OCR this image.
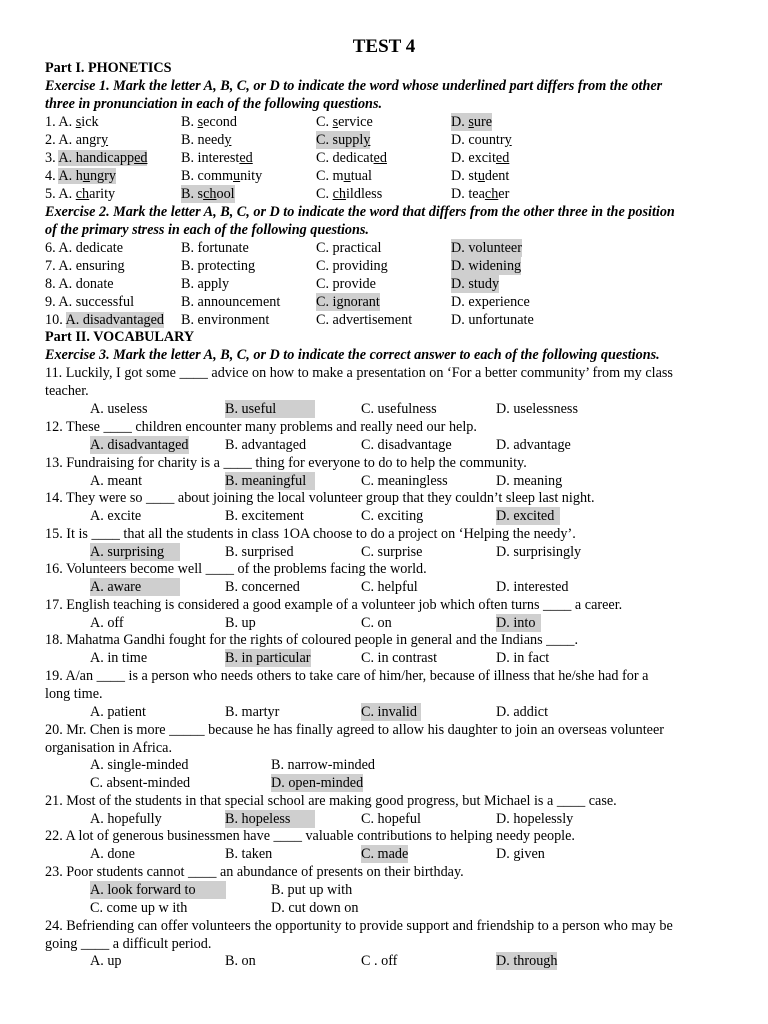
TEST 4
Part I. PHONETICS
Exercise 1. Mark the letter A, B, C, or D to indicate the word whose underlined part differs from the other
three in pronunciation in each of the following questions.
1. A. sick	B. second	C. service	D. sure
2. A. angry	B. needy	C. supply	D. country
3. A. handicapped B. interested	C. dedicated	D. excited
4. A. hungry	B. community	C. mutual	D. student
5. A. charity	B. school	C. childless	D. teacher
Exercise 2. Mark the letter A, B, C, or D to indicate the word that differs from the other three in the position
of the primary stress in each of the following questions.
6. A. dedicate	B. fortunate	C. practical	D. volunteer
7. A. ensuring	B. protecting	C. providing	D. widening
8. A. donate	B. apply	C. provide	D. study
9. A. successful	B. announcement	C. ignorant	D. experience
10. A. disadvantaged B. environment	C. advertisement	D. unfortunate
Part II. VOCABULARY
Exercise 3. Mark the letter A, B, C, or D to indicate the correct answer to each of the following questions.
11. Luckily, I got some ____ advice on how to make a presentation on ‘For a better community’ from my class
teacher.
A. useless	B. useful	C. usefulness	D. uselessness
12. These ____ children encounter many problems and really need our help.
A. disadvantaged	B. advantaged	C. disadvantage	D. advantage
13. Fundraising for charity is a ____ thing for everyone to do to help the community.
A. meant	B. meaningful	C. meaningless	D. meaning
14. They were so ____ about joining the local volunteer group that they couldn’t sleep last night.
A. excite	B. excitement	C. exciting	D. excited
15. It is ____ that all the students in class 1OA choose to do a project on ‘Helping the needy’.
A. surprising	B. surprised	C. surprise	D. surprisingly
16. Volunteers become well ____ of the problems facing the world.
A. aware	B. concerned	C. helpful	D. interested
17. English teaching is considered a good example of a volunteer job which often turns ____ a career.
A. off	B. up	C. on	D. into
18. Mahatma Gandhi fought for the rights of coloured people in general and the Indians ____.
A. in time	B. in particular	C. in contrast	D. in fact
19. A/an ____ is a person who needs others to take care of him/her, because of illness that he/she had for a
long time.
A. patient	B. martyr	C. invalid	D. addict
20. Mr. Chen is more _____ because he has finally agreed to allow his daughter to join an overseas volunteer
organisation in Africa.
A. single-minded	B. narrow-minded
C. absent-minded	D. open-minded
21. Most of the students in that special school are making good progress, but Michael is a ____ case.
A. hopefully	B. hopeless	C. hopeful	D. hopelessly
22. A lot of generous businessmen have ____ valuable contributions to helping needy people.
A. done	B. taken	C. made	D. given
23. Poor students cannot ____ an abundance of presents on their birthday.
A. look forward to	B. put up with
C. come up w ith	D. cut down on
24. Befriending can offer volunteers the opportunity to provide support and friendship to a person who may be
going ____ a difficult period.
A. up	B. on	C . off	D. through
